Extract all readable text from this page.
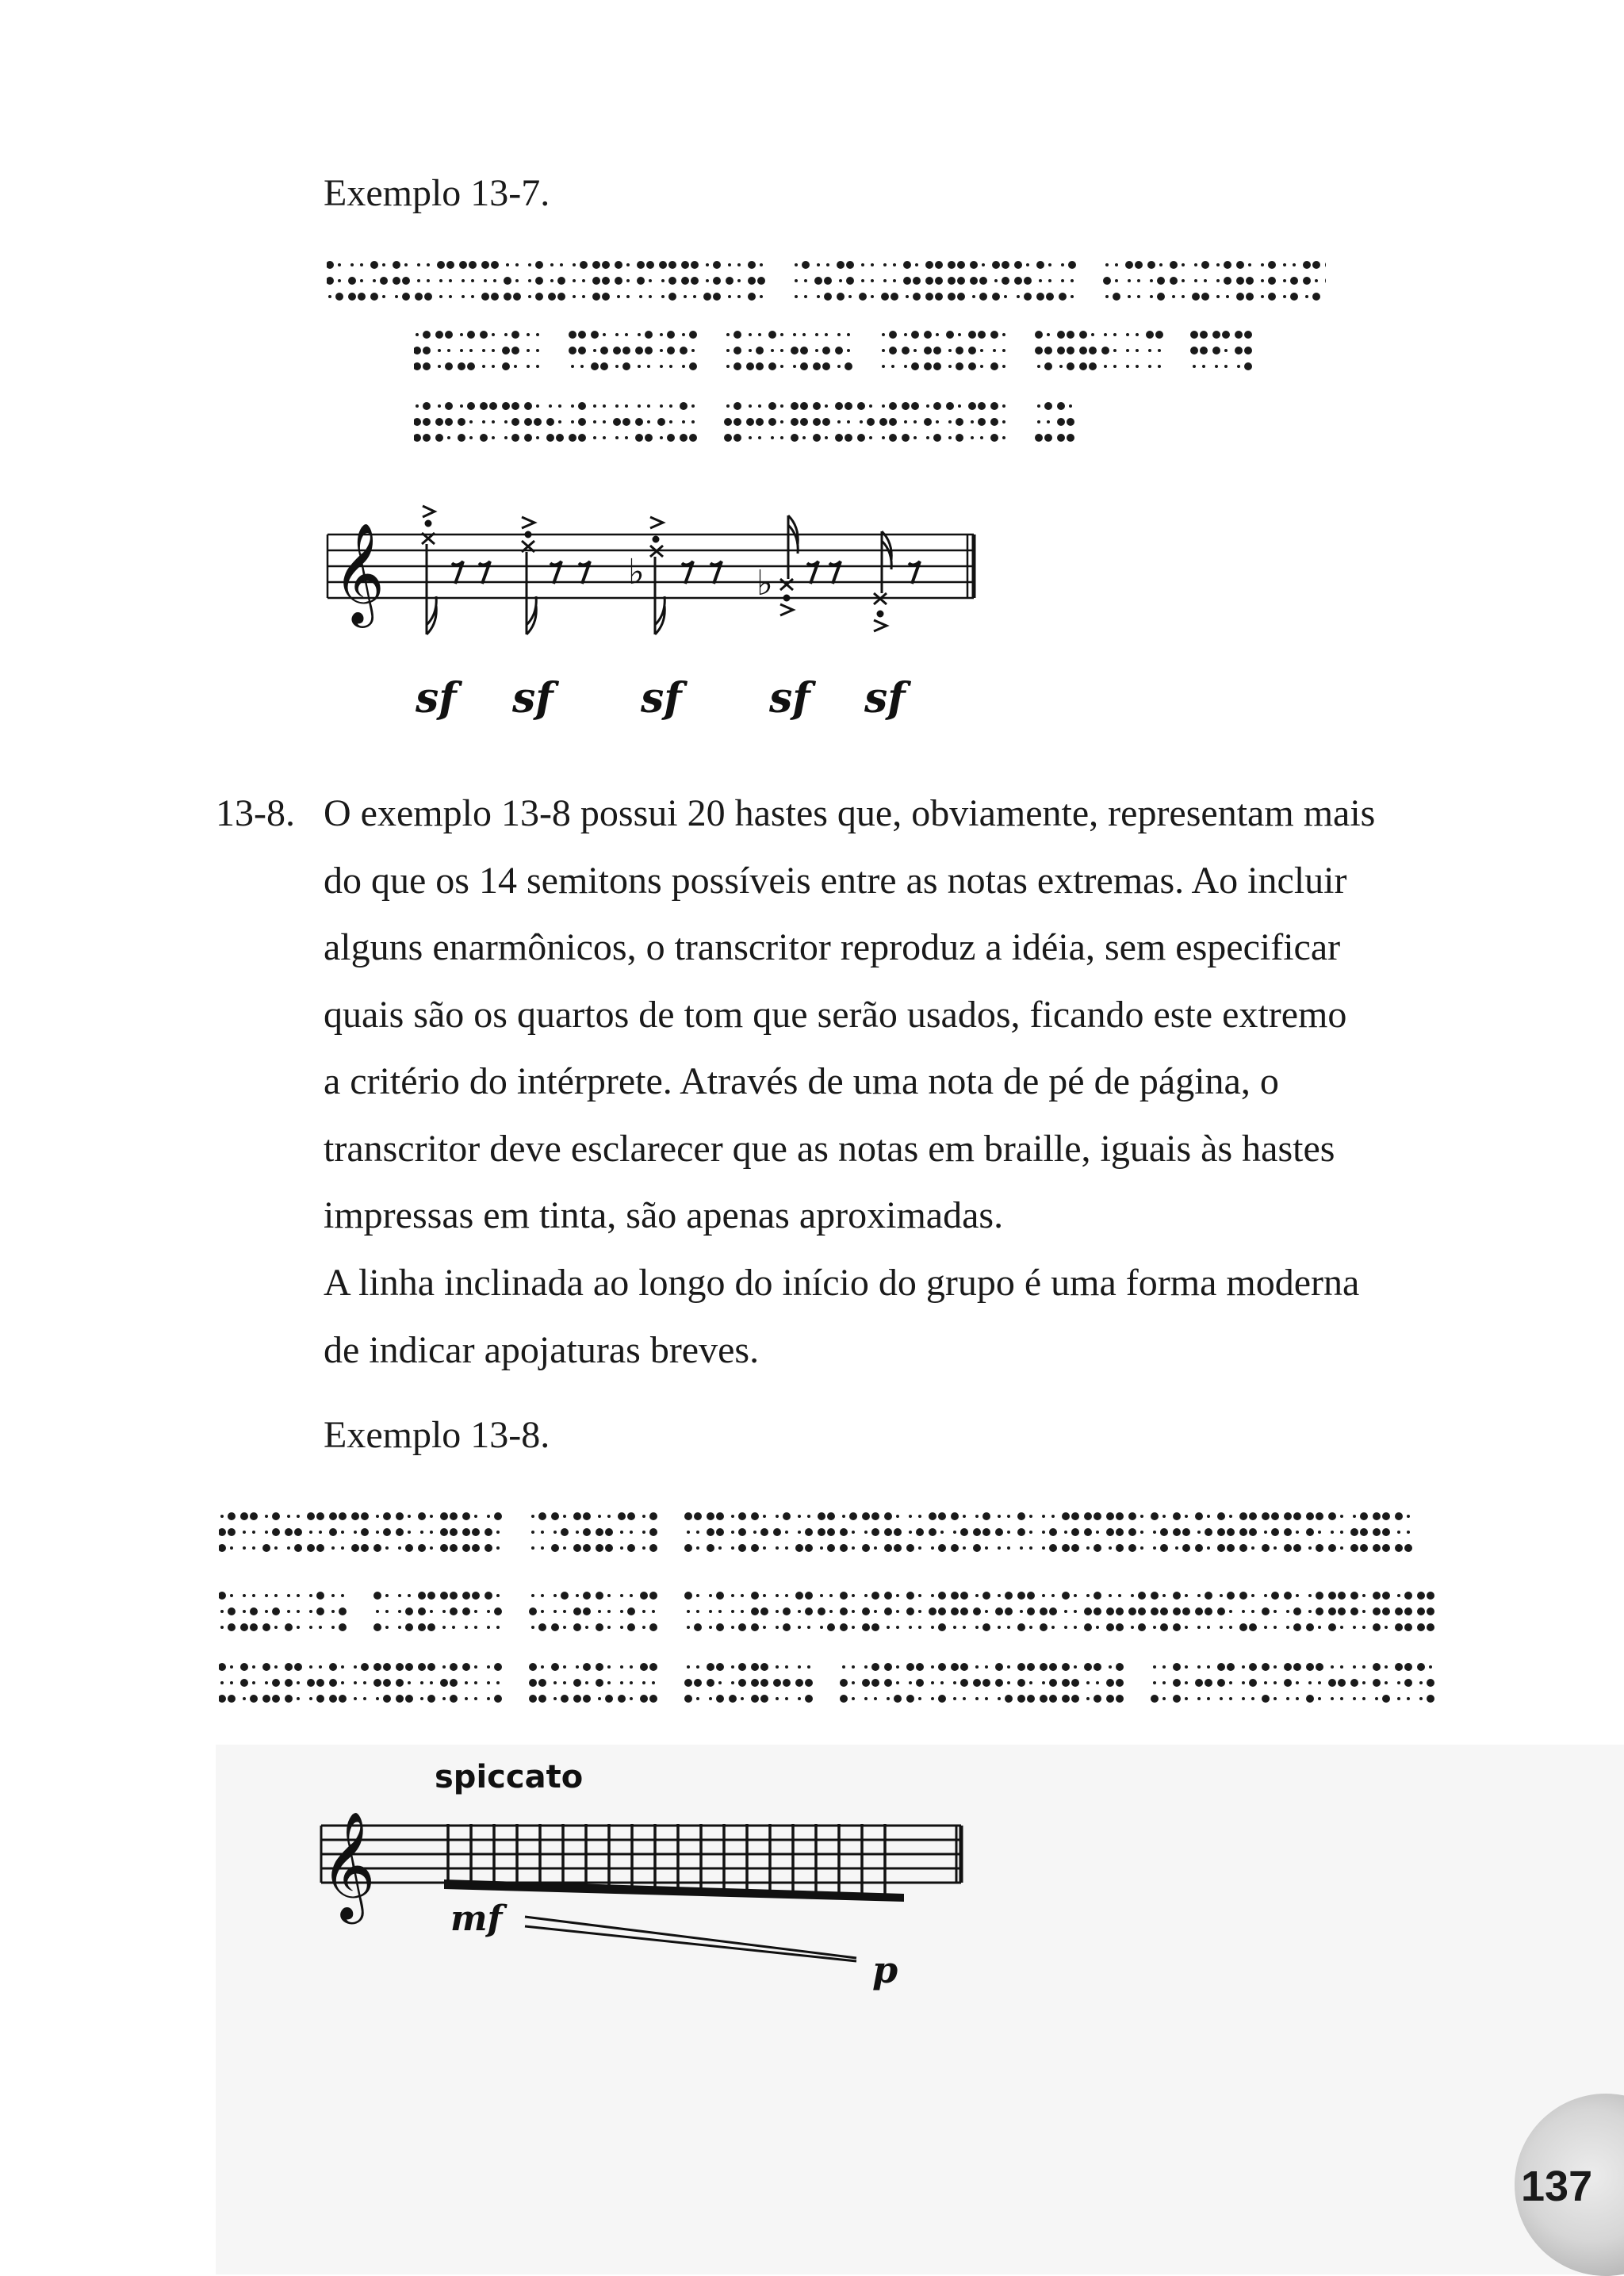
Exemplo 13-7.
𝄞	♭	♭
sf sf sf sf sf
13-8. O exemplo 13-8 possui 20 hastes que, obviamente, representam mais
do que os 14 semitons possíveis entre as notas extremas. Ao incluir
alguns enarmônicos, o transcritor reproduz a idéia, sem especificar
quais são os quartos de tom que serão usados, ficando este extremo
a critério do intérprete. Através de uma nota de pé de página, o
transcritor deve esclarecer que as notas em braille, iguais às hastes
impressas em tinta, são apenas aproximadas.
A linha inclinada ao longo do início do grupo é uma forma moderna
de indicar apojaturas breves.
Exemplo 13-8.
𝄞
spiccato
mf
p
137
